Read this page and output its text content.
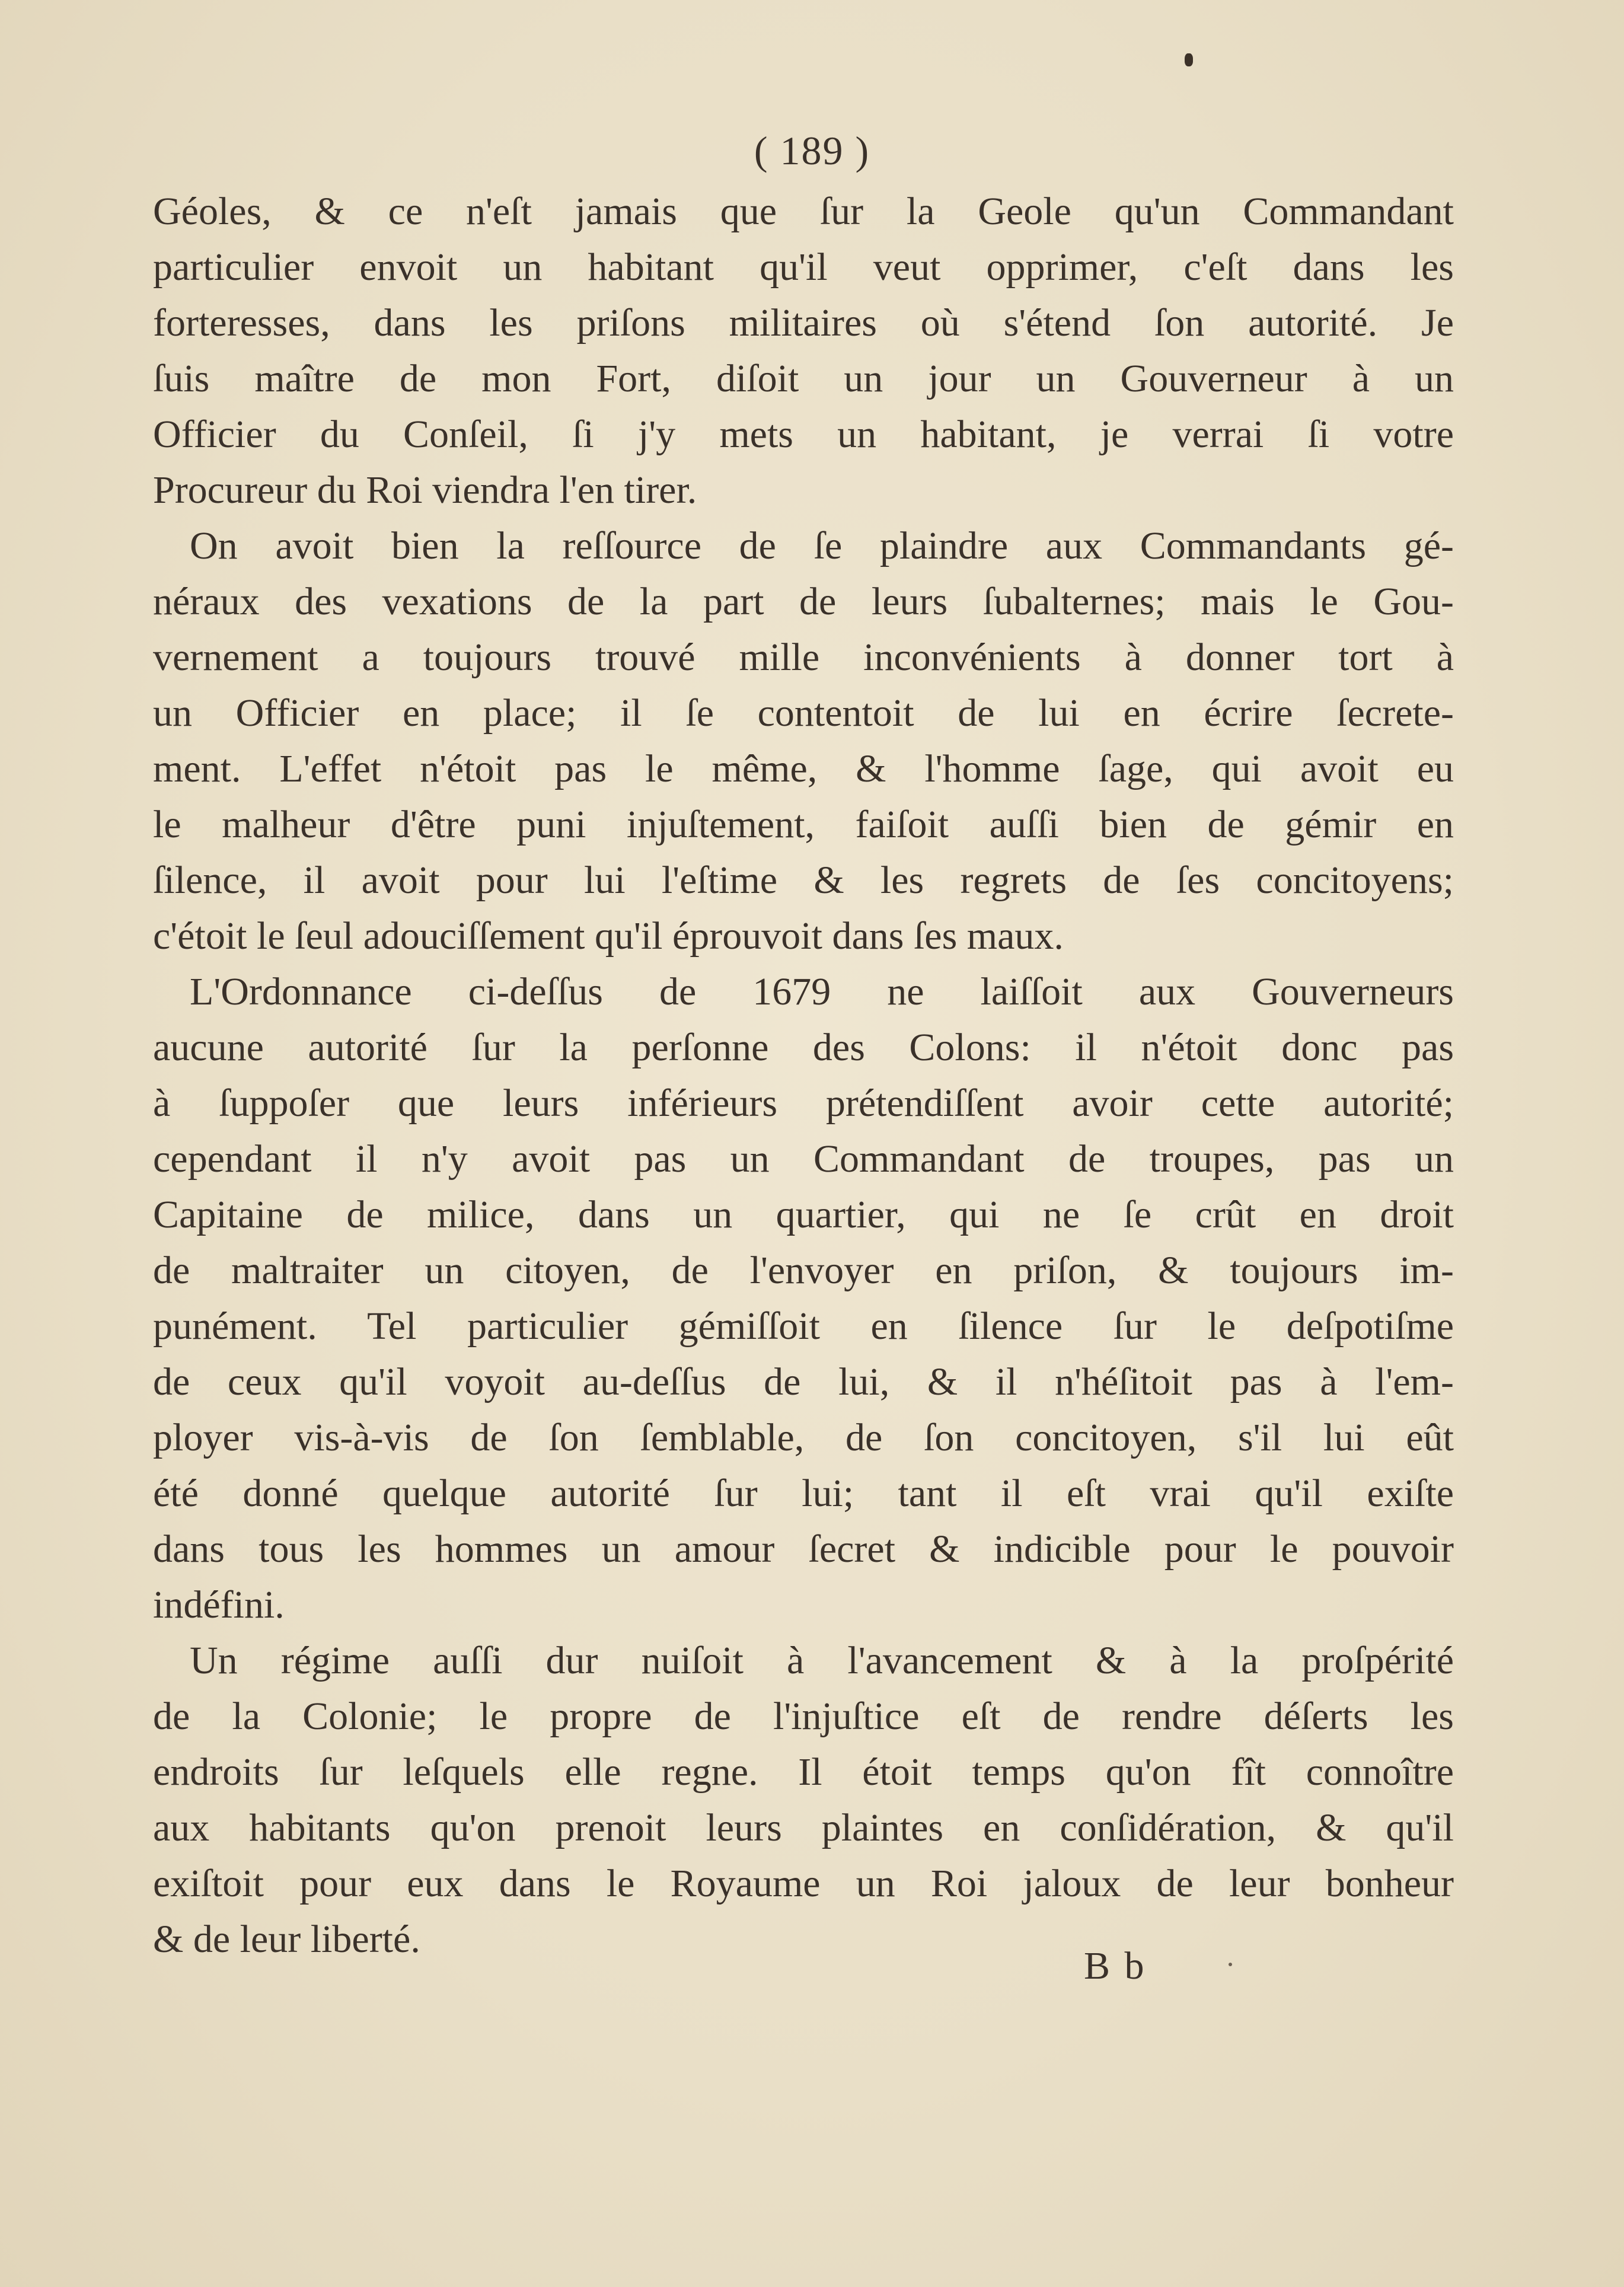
( 189 )
Géoles, & ce n'eſt jamais que ſur la Geole qu'un Commandant
particulier envoit un habitant qu'il veut opprimer, c'eſt dans les
forteresses, dans les priſons militaires où s'étend ſon autorité. Je
ſuis maître de mon Fort, diſoit un jour un Gouverneur à un
Officier du Conſeil, ſi j'y mets un habitant, je verrai ſi votre
Procureur du Roi viendra l'en tirer.
On avoit bien la reſſource de ſe plaindre aux Commandants gé-
néraux des vexations de la part de leurs ſubalternes; mais le Gou-
vernement a toujours trouvé mille inconvénients à donner tort à
un Officier en place; il ſe contentoit de lui en écrire ſecrete-
ment. L'effet n'étoit pas le même, & l'homme ſage, qui avoit eu
le malheur d'être puni injuſtement, faiſoit auſſi bien de gémir en
ſilence, il avoit pour lui l'eſtime & les regrets de ſes concitoyens;
c'étoit le ſeul adouciſſement qu'il éprouvoit dans ſes maux.
L'Ordonnance ci-deſſus de 1679 ne laiſſoit aux Gouverneurs
aucune autorité ſur la perſonne des Colons: il n'étoit donc pas
à ſuppoſer que leurs inférieurs prétendiſſent avoir cette autorité;
cependant il n'y avoit pas un Commandant de troupes, pas un
Capitaine de milice, dans un quartier, qui ne ſe crût en droit
de maltraiter un citoyen, de l'envoyer en priſon, & toujours im-
punément. Tel particulier gémiſſoit en ſilence ſur le deſpotiſme
de ceux qu'il voyoit au-deſſus de lui, & il n'héſitoit pas à l'em-
ployer vis-à-vis de ſon ſemblable, de ſon concitoyen, s'il lui eût
été donné quelque autorité ſur lui; tant il eſt vrai qu'il exiſte
dans tous les hommes un amour ſecret & indicible pour le pouvoir
indéfini.
Un régime auſſi dur nuiſoit à l'avancement & à la proſpérité
de la Colonie; le propre de l'injuſtice eſt de rendre déſerts les
endroits ſur leſquels elle regne. Il étoit temps qu'on fît connoître
aux habitants qu'on prenoit leurs plaintes en conſidération, & qu'il
exiſtoit pour eux dans le Royaume un Roi jaloux de leur bonheur
& de leur liberté.
B b
